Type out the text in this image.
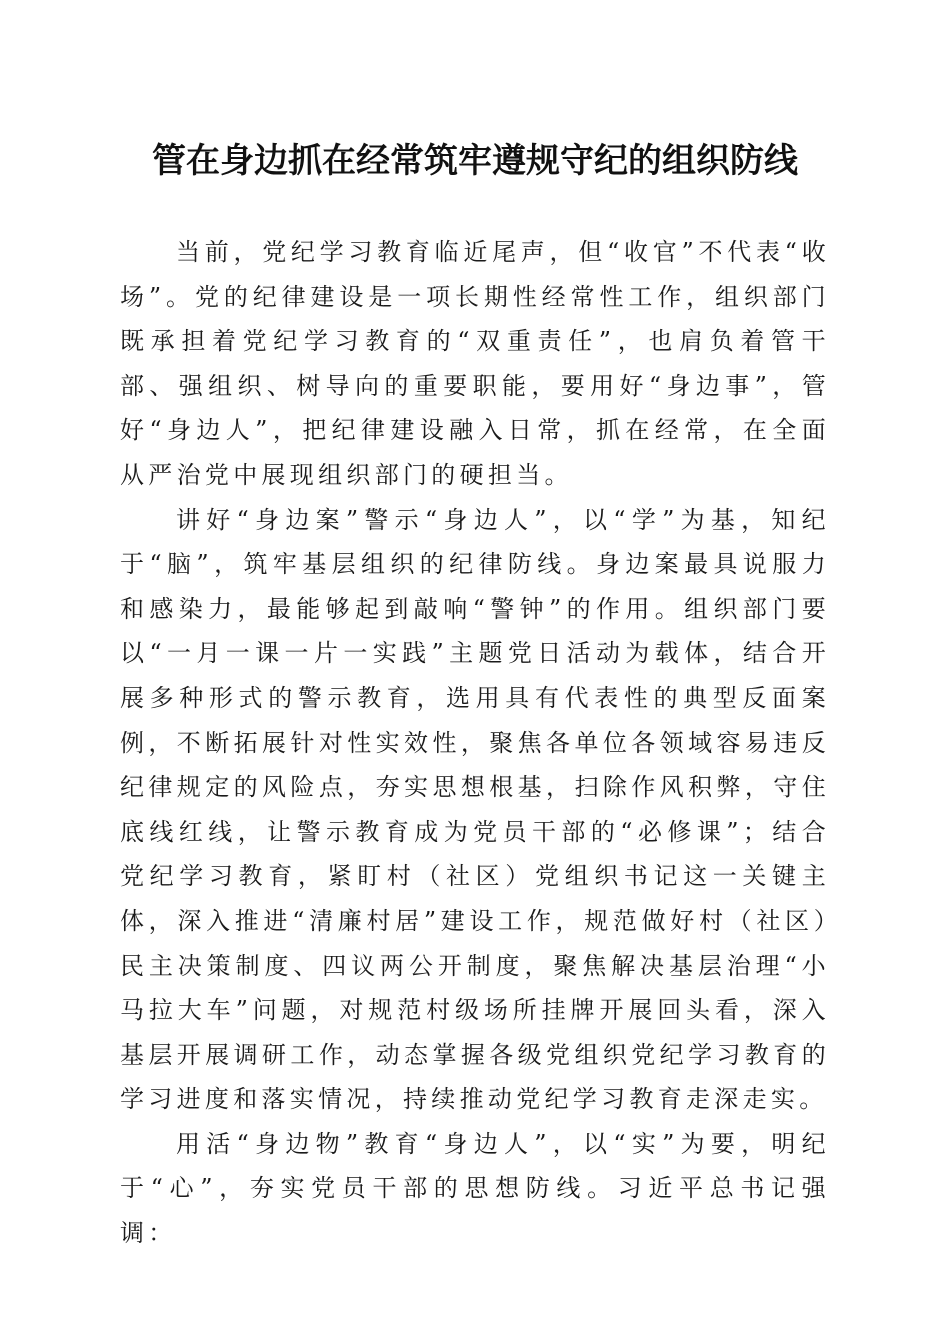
管在身边抓在经常筑牢遵规守纪的组织防线

当前，党纪学习教育临近尾声，但“收官”不代表“收场”。党的纪律建设是一项长期性经常性工作，组织部门既承担着党纪学习教育的“双重责任”，也肩负着管干部、强组织、树导向的重要职能，要用好“身边事”，管好“身边人”，把纪律建设融入日常，抓在经常，在全面从严治党中展现组织部门的硬担当。

讲好“身边案”警示“身边人”，以“学”为基，知纪于“脑”，筑牢基层组织的纪律防线。身边案最具说服力和感染力，最能够起到敲响“警钟”的作用。组织部门要以“一月一课一片一实践”主题党日活动为载体，结合开展多种形式的警示教育，选用具有代表性的典型反面案例，不断拓展针对性实效性，聚焦各单位各领域容易违反纪律规定的风险点，夯实思想根基，扫除作风积弊，守住底线红线，让警示教育成为党员干部的“必修课”；结合党纪学习教育，紧盯村（社区）党组织书记这一关键主体，深入推进“清廉村居”建设工作，规范做好村（社区）民主决策制度、四议两公开制度，聚焦解决基层治理“小马拉大车”问题，对规范村级场所挂牌开展回头看，深入基层开展调研工作，动态掌握各级党组织党纪学习教育的学习进度和落实情况，持续推动党纪学习教育走深走实。

用活“身边物”教育“身边人”，以“实”为要，明纪于“心”，夯实党员干部的思想防线。习近平总书记强调：
